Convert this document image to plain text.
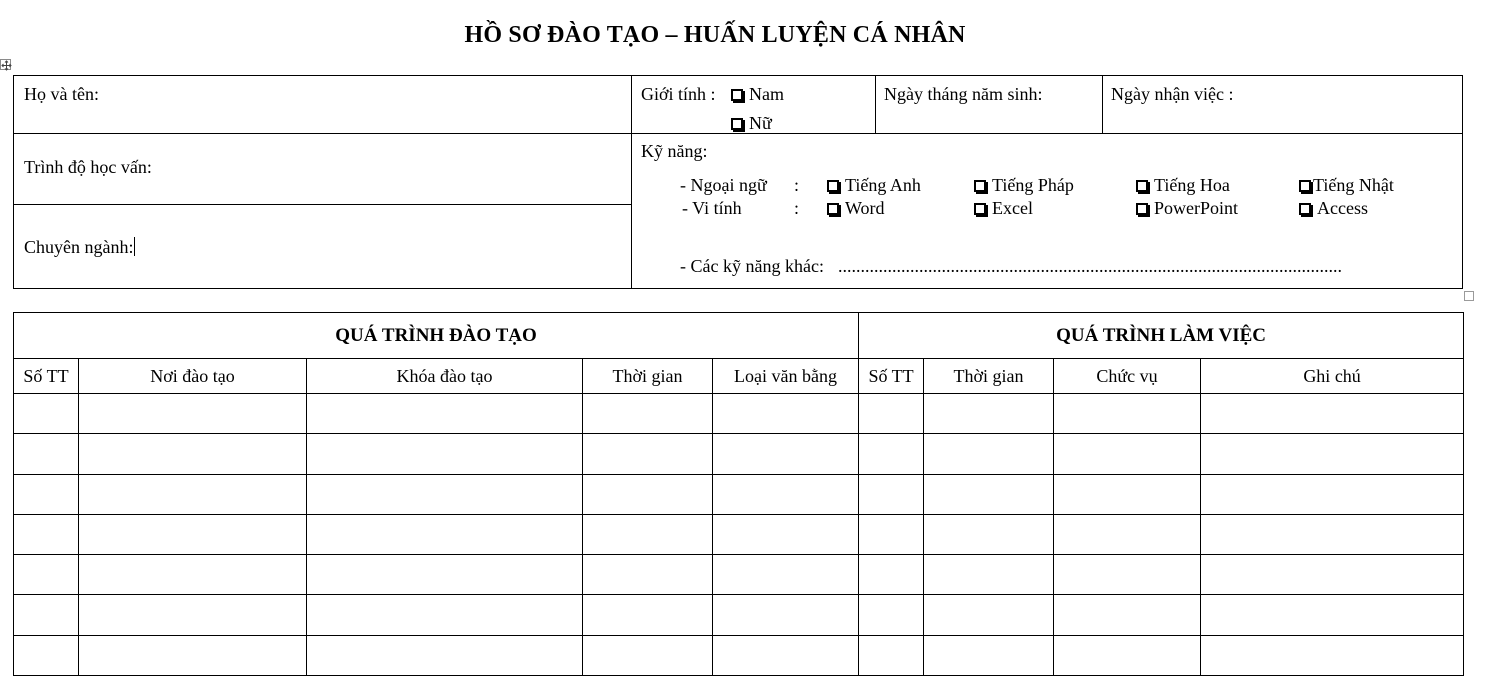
HỒ SƠ ĐÀO TẠO – HUẤN LUYỆN CÁ NHÂN
Họ và tên:	Giới tính :	Nam
Nữ
Ngày tháng năm sinh:	Ngày nhận việc :
Trình độ học vấn:
Chuyên ngành:
Kỹ năng:
- Ngoại ngữ :	Tiếng Anh	Tiếng Pháp	Tiếng Hoa	Tiếng Nhật
- Vi tính	:	Word	Excel	PowerPoint	Access
- Các kỹ năng khác: ................................................................................................................
QUÁ TRÌNH ĐÀO TẠO					QUÁ TRÌNH LÀM VIỆC			
Số TT	Nơi đào tạo	Khóa đào tạo	Thời gian	Loại văn bằng	Số TT	Thời gian	Chức vụ	Ghi chú
